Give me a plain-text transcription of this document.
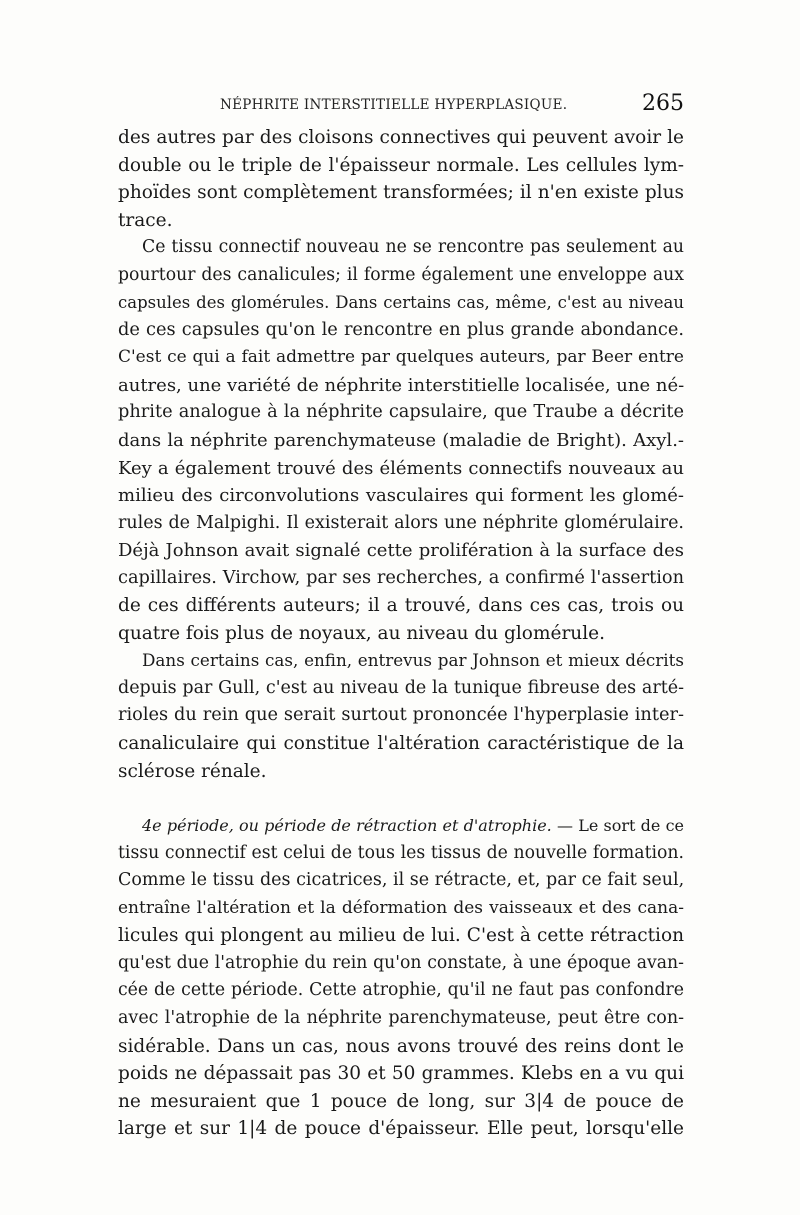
NÉPHRITE INTERSTITIELLE HYPERPLASIQUE.	265
des autres par des cloisons connectives qui peuvent avoir le
double ou le triple de l'épaisseur normale. Les cellules lym-
phoïdes sont complètement transformées; il n'en existe plus
trace.
Ce tissu connectif nouveau ne se rencontre pas seulement au
pourtour des canalicules; il forme également une enveloppe aux
capsules des glomérules. Dans certains cas, même, c'est au niveau
de ces capsules qu'on le rencontre en plus grande abondance.
C'est ce qui a fait admettre par quelques auteurs, par Beer entre
autres, une variété de néphrite interstitielle localisée, une né-
phrite analogue à la néphrite capsulaire, que Traube a décrite
dans la néphrite parenchymateuse (maladie de Bright). Axyl.-
Key a également trouvé des éléments connectifs nouveaux au
milieu des circonvolutions vasculaires qui forment les glomé-
rules de Malpighi. Il existerait alors une néphrite glomérulaire.
Déjà Johnson avait signalé cette prolifération à la surface des
capillaires. Virchow, par ses recherches, a confirmé l'assertion
de ces différents auteurs; il a trouvé, dans ces cas, trois ou
quatre fois plus de noyaux, au niveau du glomérule.
Dans certains cas, enfin, entrevus par Johnson et mieux décrits
depuis par Gull, c'est au niveau de la tunique fibreuse des arté-
rioles du rein que serait surtout prononcée l'hyperplasie inter-
canaliculaire qui constitue l'altération caractéristique de la
sclérose rénale.
4e période, ou période de rétraction et d'atrophie. — Le sort de ce
tissu connectif est celui de tous les tissus de nouvelle formation.
Comme le tissu des cicatrices, il se rétracte, et, par ce fait seul,
entraîne l'altération et la déformation des vaisseaux et des cana-
licules qui plongent au milieu de lui. C'est à cette rétraction
qu'est due l'atrophie du rein qu'on constate, à une époque avan-
cée de cette période. Cette atrophie, qu'il ne faut pas confondre
avec l'atrophie de la néphrite parenchymateuse, peut être con-
sidérable. Dans un cas, nous avons trouvé des reins dont le
poids ne dépassait pas 30 et 50 grammes. Klebs en a vu qui
ne mesuraient que 1 pouce de long, sur 3|4 de pouce de
large et sur 1|4 de pouce d'épaisseur. Elle peut, lorsqu'elle
